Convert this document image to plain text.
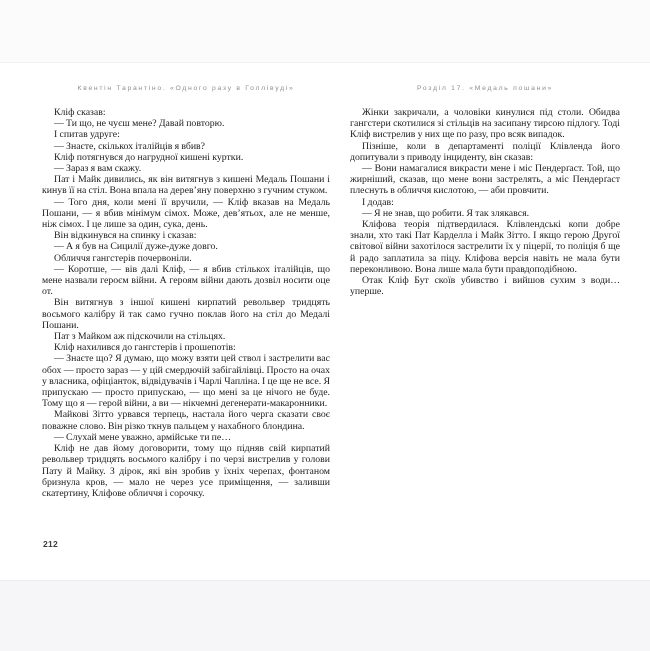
Квентін Тарантіно. «Одного разу в Голлівуді»	Розділ 17. «Медаль пошани»

Кліф сказав:

— Ти що, не чуєш мене? Давай повторю.

І спитав удруге:

— Знаєте, скількох італійців я вбив?

Кліф потягнувся до нагрудної кишені куртки.

— Зараз я вам скажу.

Пат і Майк дивились, як він витягнув з кишені Медаль Пошани і кинув її на стіл. Вона впала на дерев’яну поверхню з гучним стуком.

— Того дня, коли мені її вручили, — Кліф вказав на Медаль Пошани, — я вбив мінімум сімох. Може, дев’ятьох, але не менше, ніж сімох. І це лише за один, сука, день.

Він відкинувся на спинку і сказав:

— А я був на Сицилії дуже-дуже довго.

Обличчя гангстерів почервоніли.

— Коротше, — вів далі Кліф, — я вбив стількох італійців, що мене назвали героєм війни. А героям війни дають дозвіл носити оце от.

Він витягнув з іншої кишені кирпатий револьвер тридцять восьмого калібру й так само гучно поклав його на стіл до Медалі Пошани.

Пат з Майком аж підскочили на стільцях.

Кліф нахилився до гангстерів і прошепотів:

— Знаєте що? Я думаю, що можу взяти цей ствол і застрелити вас обох — просто зараз — у цій смердючій забігайлівці. Просто на очах у власника, офіціанток, відвідувачів і Чарлі Чапліна. І це ще не все. Я припускаю — просто припускаю, — що мені за це нічого не буде. Тому що я — герой війни, а ви — нікчемні дегенерати-макаронники.

Майкові Зітто урвався терпець, настала його черга сказати своє поважне слово. Він різко ткнув пальцем у нахабного блондина.

— Слухай мене уважно, армійське ти пе…

Кліф не дав йому договорити, тому що підняв свій кирпатий револьвер тридцять восьмого калібру і по черзі вистрелив у голови Пату й Майку. З дірок, які він зробив у їхніх черепах, фонтаном бризнула кров, — мало не через усе приміщення, — заливши скатертину, Кліфове обличчя і сорочку.

Жінки закричали, а чоловіки кинулися під столи. Обидва гангстери скотилися зі стільців на засипану тирсою підлогу. Тоді Кліф вистрелив у них ще по разу, про всяк випадок.

Пізніше, коли в департаменті поліції Клівленда його допитували з приводу інциденту, він сказав:

— Вони намагалися викрасти мене і міс Пендерґаст. Той, що жирніший, сказав, що мене вони застрелять, а міс Пендерґаст плеснуть в обличчя кислотою, — аби провчити.

І додав:

— Я не знав, що робити. Я так злякався.

Кліфова теорія підтвердилася. Клівлендські копи добре знали, хто такі Пат Карделла і Майк Зітто. І якщо герою Другої світової війни захотілося застрелити їх у піцерії, то поліція б ще й радо заплатила за піцу. Кліфова версія навіть не мала бути переконливою. Вона лише мала бути правдоподібною.

Отак Кліф Бут скоїв убивство і вийшов сухим з води… уперше.

212
